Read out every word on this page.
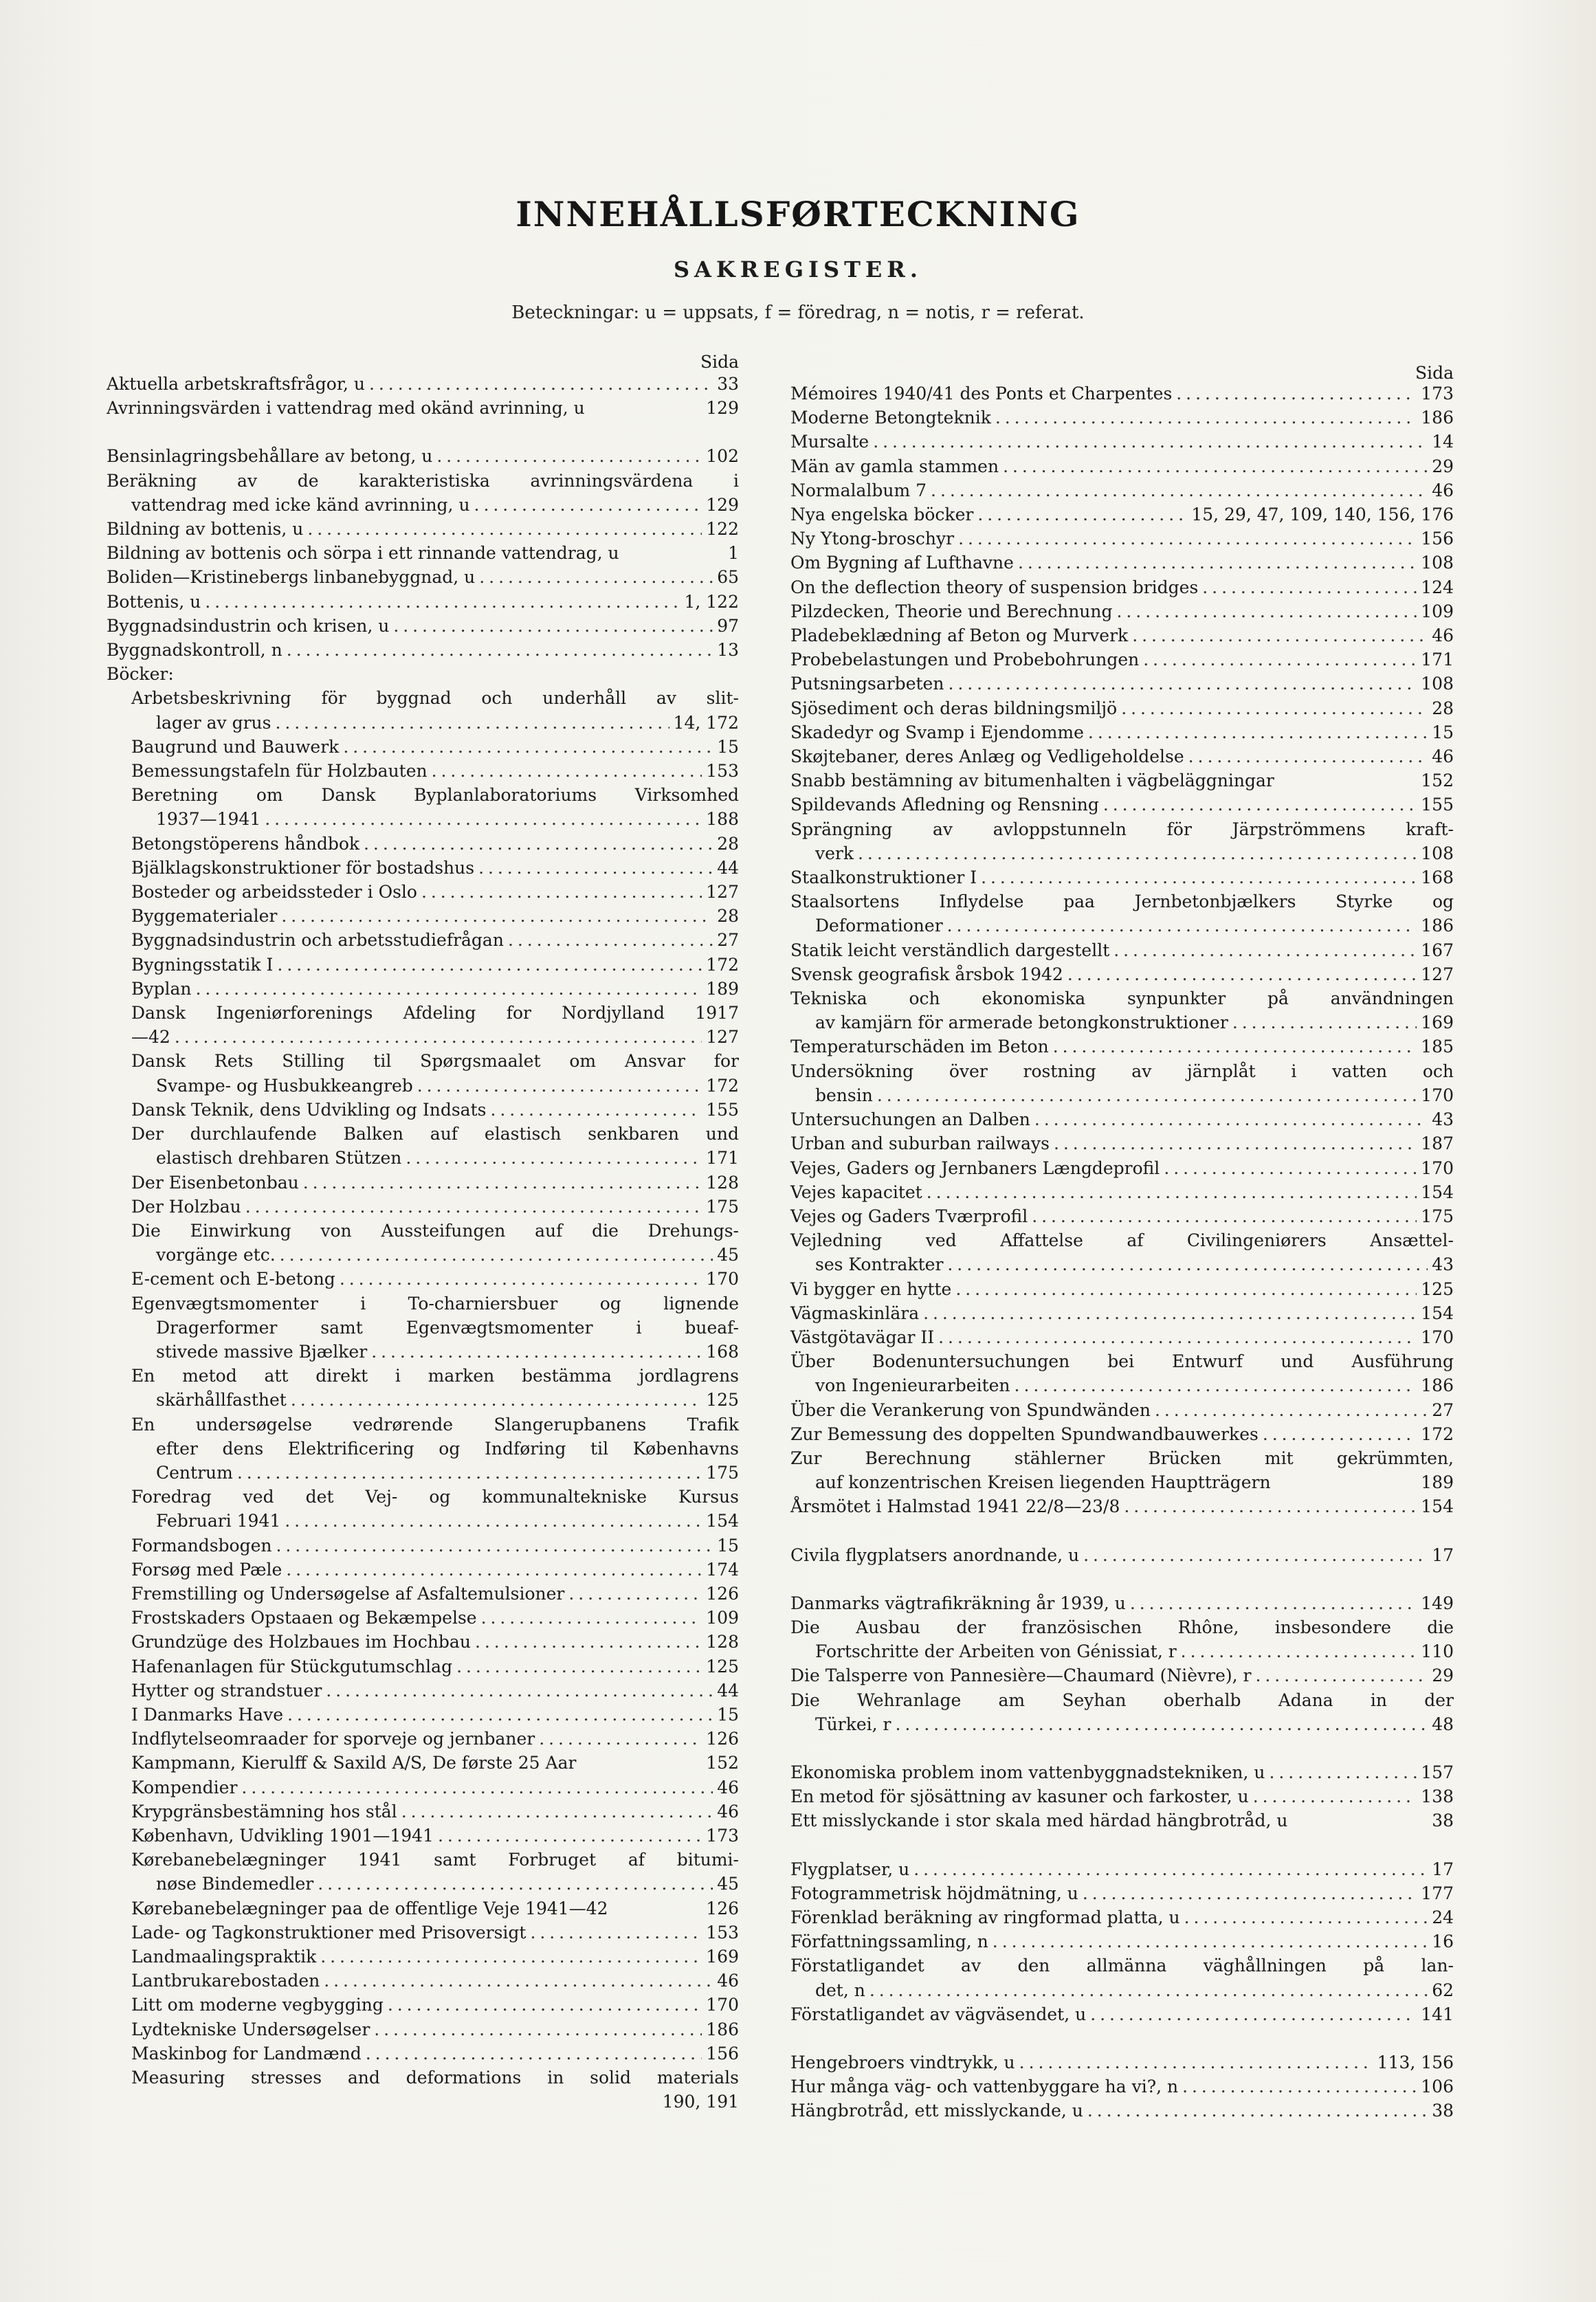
INNEHÅLLSFØRTECKNING
SAKREGISTER.
Beteckningar: u = uppsats, f = föredrag, n = notis, r = referat.
Sida
Aktuella arbetskraftsfrågor, u . . .	33
Avrinningsvärden i vattendrag med okänd avrinning, u	129
Bensinlagringsbehållare av betong, u . . .	102
Beräkning av de karakteristiska avrinningsvärdena i
vattendrag med icke känd avrinning, u . . .	129
Bildning av bottenis, u . . .	122
Bildning av bottenis och sörpa i ett rinnande vattendrag, u	1
Boliden—Kristinebergs linbanebyggnad, u . . .	65
Bottenis, u . . .	1, 122
Byggnadsindustrin och krisen, u . . .	97
Byggnadskontroll, n . . .	13
Böcker:
Arbetsbeskrivning för byggnad och underhåll av slit-
lager av grus . . .	14, 172
Baugrund und Bauwerk . . .	15
Bemessungstafeln für Holzbauten . . .	153
Beretning om Dansk Byplanlaboratoriums Virksomhed
1937—1941 . . .	188
Betongstöperens håndbok . . .	28
Bjälklagskonstruktioner för bostadshus . . .	44
Bosteder og arbeidssteder i Oslo . . .	127
Byggematerialer . . .	28
Byggnadsindustrin och arbetsstudiefrågan . . .	27
Bygningsstatik I . . .	172
Byplan . . .	189
Dansk Ingeniørforenings Afdeling for Nordjylland 1917
—42 . . .	127
Dansk Rets Stilling til Spørgsmaalet om Ansvar for
Svampe- og Husbukkeangreb . . .	172
Dansk Teknik, dens Udvikling og Indsats . . .	155
Der durchlaufende Balken auf elastisch senkbaren und
elastisch drehbaren Stützen . . .	171
Der Eisenbetonbau . . .	128
Der Holzbau . . .	175
Die Einwirkung von Aussteifungen auf die Drehungs-
vorgänge etc. . . .	45
E-cement och E-betong . . .	170
Egenvægtsmomenter i To-charniersbuer og lignende
Dragerformer samt Egenvægtsmomenter i bueaf-
stivede massive Bjælker . . .	168
En metod att direkt i marken bestämma jordlagrens
skärhållfasthet . . .	125
En undersøgelse vedrørende Slangerupbanens Trafik
efter dens Elektrificering og Indføring til Københavns
Centrum . . .	175
Foredrag ved det Vej- og kommunaltekniske Kursus
Februari 1941 . . .	154
Formandsbogen . . .	15
Forsøg med Pæle . . .	174
Fremstilling og Undersøgelse af Asfaltemulsioner . . .	126
Frostskaders Opstaaen og Bekæmpelse . . .	109
Grundzüge des Holzbaues im Hochbau . . .	128
Hafenanlagen für Stückgutumschlag . . .	125
Hytter og strandstuer . . .	44
I Danmarks Have . . .	15
Indflytelseomraader for sporveje og jernbaner . . .	126
Kampmann, Kierulff & Saxild A/S, De første 25 Aar	152
Kompendier . . .	46
Krypgränsbestämning hos stål . . .	46
København, Udvikling 1901—1941 . . .	173
Kørebanebelægninger 1941 samt Forbruget af bitumi-
nøse Bindemedler . . .	45
Kørebanebelægninger paa de offentlige Veje 1941—42	126
Lade- og Tagkonstruktioner med Prisoversigt . . .	153
Landmaalingspraktik . . .	169
Lantbrukarebostaden . . .	46
Litt om moderne vegbygging . . .	170
Lydtekniske Undersøgelser . . .	186
Maskinbog for Landmænd . . .	156
Measuring stresses and deformations in solid materials
190, 191
Sida
Mémoires 1940/41 des Ponts et Charpentes . . .	173
Moderne Betongteknik . . .	186
Mursalte . . .	14
Män av gamla stammen . . .	29
Normalalbum 7 . . .	46
Nya engelska böcker . . .	15, 29, 47, 109, 140, 156, 176
Ny Ytong-broschyr . . .	156
Om Bygning af Lufthavne . . .	108
On the deflection theory of suspension bridges . . .	124
Pilzdecken, Theorie und Berechnung . . .	109
Pladebeklædning af Beton og Murverk . . .	46
Probebelastungen und Probebohrungen . . .	171
Putsningsarbeten . . .	108
Sjösediment och deras bildningsmiljö . . .	28
Skadedyr og Svamp i Ejendomme . . .	15
Skøjtebaner, deres Anlæg og Vedligeholdelse . . .	46
Snabb bestämning av bitumenhalten i vägbeläggningar	152
Spildevands Afledning og Rensning . . .	155
Sprängning av avloppstunneln för Järpströmmens kraft-
verk . . .	108
Staalkonstruktioner I . . .	168
Staalsortens Inflydelse paa Jernbetonbjælkers Styrke og
Deformationer . . .	186
Statik leicht verständlich dargestellt . . .	167
Svensk geografisk årsbok 1942 . . .	127
Tekniska och ekonomiska synpunkter på användningen
av kamjärn för armerade betongkonstruktioner . . .	169
Temperaturschäden im Beton . . .	185
Undersökning över rostning av järnplåt i vatten och
bensin . . .	170
Untersuchungen an Dalben . . .	43
Urban and suburban railways . . .	187
Vejes, Gaders og Jernbaners Længdeprofil . . .	170
Vejes kapacitet . . .	154
Vejes og Gaders Tværprofil . . .	175
Vejledning ved Affattelse af Civilingeniørers Ansættel-
ses Kontrakter . . .	43
Vi bygger en hytte . . .	125
Vägmaskinlära . . .	154
Västgötavägar II . . .	170
Über Bodenuntersuchungen bei Entwurf und Ausführung
von Ingenieurarbeiten . . .	186
Über die Verankerung von Spundwänden . . .	27
Zur Bemessung des doppelten Spundwandbauwerkes . . .	172
Zur Berechnung stählerner Brücken mit gekrümmten,
auf konzentrischen Kreisen liegenden Hauptträgern	189
Årsmötet i Halmstad 1941 22/8—23/8 . . .	154
Civila flygplatsers anordnande, u . . .	17
Danmarks vägtrafikräkning år 1939, u . . .	149
Die Ausbau der französischen Rhône, insbesondere die
Fortschritte der Arbeiten von Génissiat, r . . .	110
Die Talsperre von Pannesière—Chaumard (Nièvre), r . . .	29
Die Wehranlage am Seyhan oberhalb Adana in der
Türkei, r . . .	48
Ekonomiska problem inom vattenbyggnadstekniken, u . . .	157
En metod för sjösättning av kasuner och farkoster, u . . .	138
Ett misslyckande i stor skala med härdad hängbrotråd, u	38
Flygplatser, u . . .	17
Fotogrammetrisk höjdmätning, u . . .	177
Förenklad beräkning av ringformad platta, u . . .	24
Författningssamling, n . . .	16
Förstatligandet av den allmänna väghållningen på lan-
det, n . . .	62
Förstatligandet av vägväsendet, u . . .	141
Hengebroers vindtrykk, u . . .	113, 156
Hur många väg- och vattenbyggare ha vi?, n . . .	106
Hängbrotråd, ett misslyckande, u . . .	38
